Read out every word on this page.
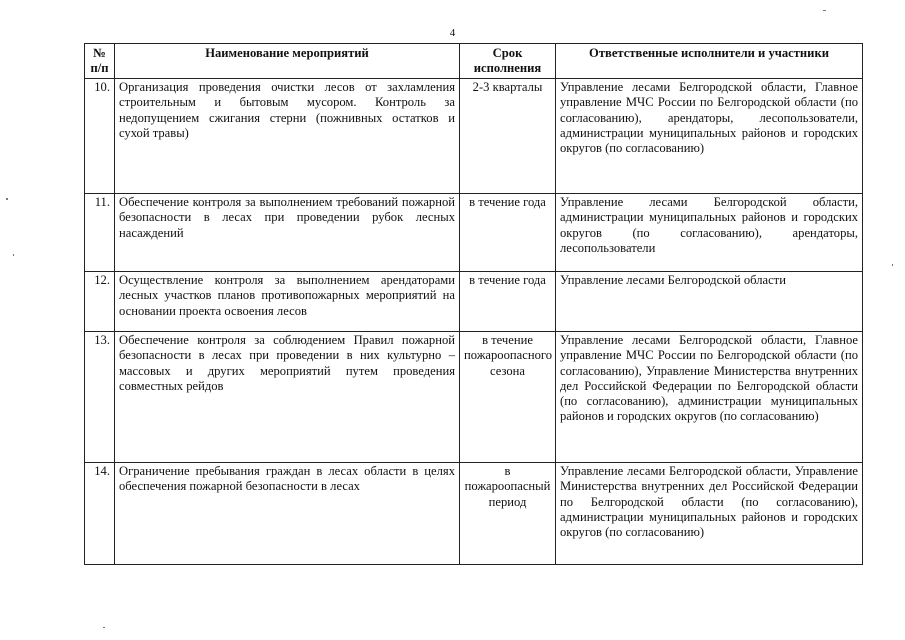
4
№ п/п	Наименование мероприятий	Срок исполнения	Ответственные исполнители и участники
10.	Организация проведения очистки лесов от захламления строительным и бытовым мусором. Контроль за недопущением сжигания стерни (пожнивных остатков и сухой травы)	2-3 кварталы	Управление лесами Белгородской области, Главное управление МЧС России по Белгородской области (по согласованию), арендаторы, лесопользователи, администрации муниципальных районов и городских округов (по согласованию)
11.	Обеспечение контроля за выполнением требований пожарной безопасности в лесах при проведении рубок лесных насаждений	в течение года	Управление лесами Белгородской области, администрации муниципальных районов и городских округов (по согласованию), арендаторы, лесопользователи
12.	Осуществление контроля за выполнением арендаторами лесных участков планов противопожарных мероприятий на основании проекта освоения лесов	в течение года	Управление лесами Белгородской области
13.	Обеспечение контроля за соблюдением Правил пожарной безопасности в лесах при проведении в них культурно – массовых и других мероприятий путем проведения совместных рейдов	в течение пожароопасного сезона	Управление лесами Белгородской области, Главное управление МЧС России по Белгородской области (по согласованию), Управление Министерства внутренних дел Российской Федерации по Белгородской области (по согласованию), администрации муниципальных районов и городских округов (по согласованию)
14.	Ограничение пребывания граждан в лесах области в целях обеспечения пожарной безопасности в лесах	в пожароопасный период	Управление лесами Белгородской области, Управление Министерства внутренних дел Российской Федерации по Белгородской области (по согласованию), администрации муниципальных районов и городских округов (по согласованию)
